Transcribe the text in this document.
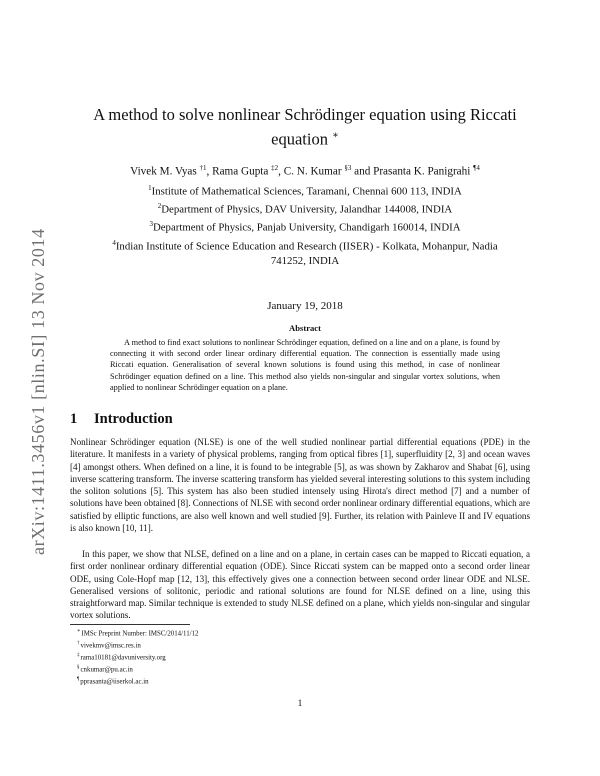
arXiv:1411.3456v1 [nlin.SI] 13 Nov 2014
A method to solve nonlinear Schrödinger equation using Riccati
equation ∗
Vivek M. Vyas $^{\dagger 1}$, Rama Gupta $^{\ddagger 2}$, C. N. Kumar $^{\S 3}$ and Prasanta K. Panigrahi $^{\P 4}$
$^1$Institute of Mathematical Sciences, Taramani, Chennai 600 113, INDIA
$^2$Department of Physics, DAV University, Jalandhar 144008, INDIA
$^3$Department of Physics, Panjab University, Chandigarh 160014, INDIA
$^4$Indian Institute of Science Education and Research (IISER) - Kolkata, Mohanpur, Nadia 741252, INDIA
January 19, 2018
Abstract
A method to find exact solutions to nonlinear Schrödinger equation, defined on a line and on a plane, is found by connecting it with second order linear ordinary differential equation. The connection is essentially made using Riccati equation. Generalisation of several known solutions is found using this method, in case of nonlinear Schrödinger equation defined on a line. This method also yields non-singular and singular vortex solutions, when applied to nonlinear Schrödinger equation on a plane.
1 Introduction
Nonlinear Schrödinger equation (NLSE) is one of the well studied nonlinear partial differential equations (PDE) in the literature. It manifests in a variety of physical problems, ranging from optical fibres [1], superfluidity [2, 3] and ocean waves [4] amongst others. When defined on a line, it is found to be integrable [5], as was shown by Zakharov and Shabat [6], using inverse scattering transform. The inverse scattering transform has yielded several interesting solutions to this system including the soliton solutions [5]. This system has also been studied intensely using Hirota's direct method [7] and a number of solutions have been obtained [8]. Connections of NLSE with second order nonlinear ordinary differential equations, which are satisfied by elliptic functions, are also well known and well studied [9]. Further, its relation with Painleve II and IV equations is also known [10, 11].
In this paper, we show that NLSE, defined on a line and on a plane, in certain cases can be mapped to Riccati equation, a first order nonlinear ordinary differential equation (ODE). Since Riccati system can be mapped onto a second order linear ODE, using Cole-Hopf map [12, 13], this effectively gives one a connection between second order linear ODE and NLSE. Generalised versions of solitonic, periodic and rational solutions are found for NLSE defined on a line, using this straightforward map. Similar technique is extended to study NLSE defined on a plane, which yields non-singular and singular vortex solutions.
∗IMSc Preprint Number: IMSC/2014/11/12
†vivekmv@imsc.res.in
‡rama10181@davuniversity.org
§cnkumar@pu.ac.in
¶pprasanta@iiserkol.ac.in
1
